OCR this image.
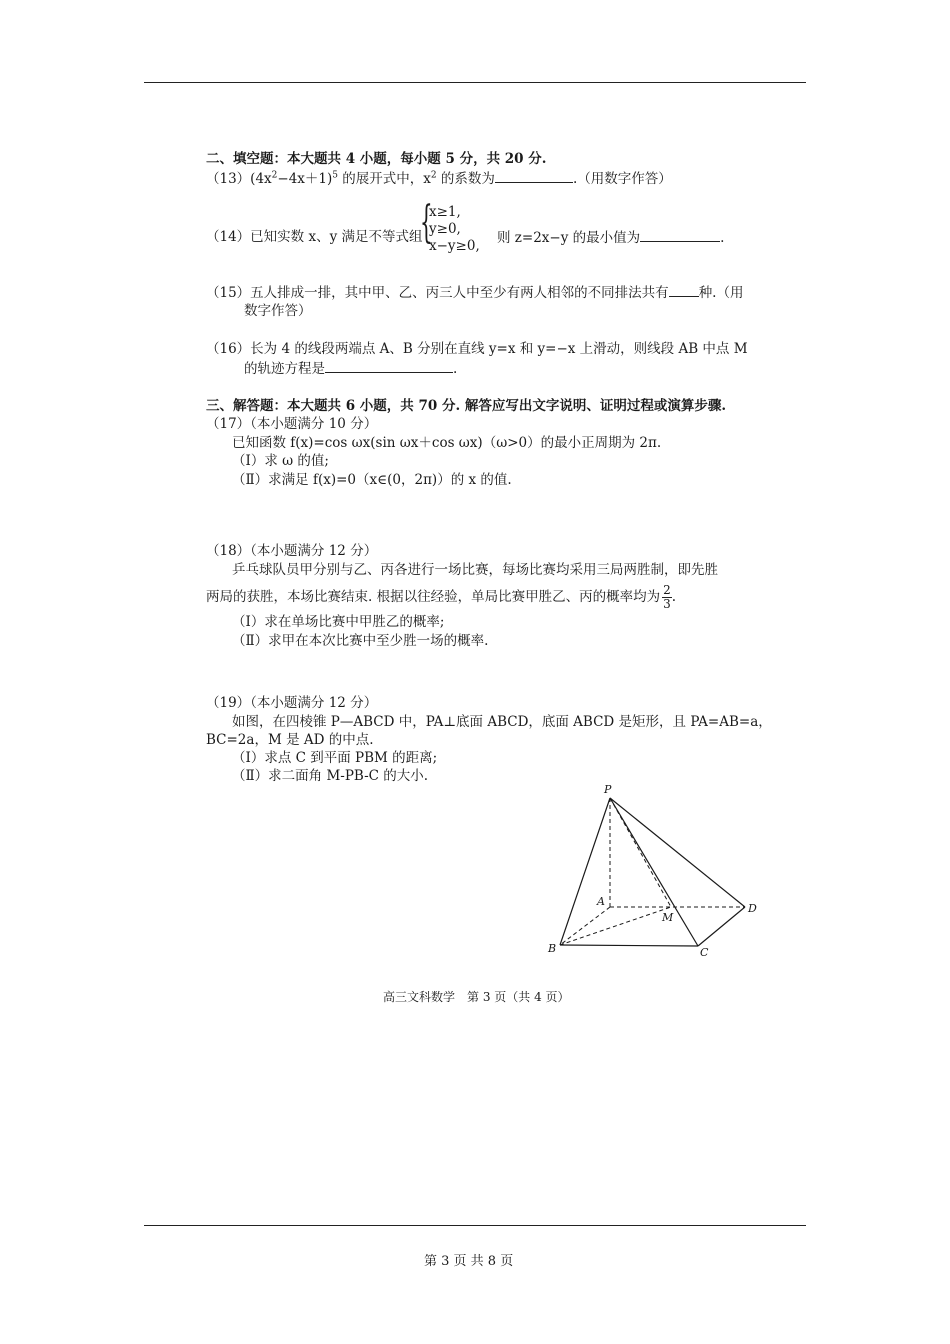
二、填空题：本大题共 4 小题，每小题 5 分，共 20 分.
$(13)(4x^2-4x+1)^5$ 的展开式中，$x^2$ 的系数为	.（用数字作答）
（14）已知实数 x、y 满足不等式组
{
x≥1,
y≥0,
x−y≥0, 则 z=2x−y 的最小值为	.
（15）五人排成一排，其中甲、乙、丙三人中至少有两人相邻的不同排法共有 种.（用
数字作答）
（16）长为 4 的线段两端点 A、B 分别在直线 y=x 和 y=−x 上滑动，则线段 AB 中点 M
的轨迹方程是	.
三、解答题：本大题共 6 小题，共 70 分. 解答应写出文字说明、证明过程或演算步骤.
（17）（本小题满分 10 分）
已知函数 f(x)=cos ωx(sin ωx＋cos ωx)（ω>0）的最小正周期为 2π.
（Ⅰ）求 ω 的值;
（Ⅱ）求满足 f(x)=0（x∈(0，2π)）的 x 的值.
（18）（本小题满分 12 分）
乒乓球队员甲分别与乙、丙各进行一场比赛，每场比赛均采用三局两胜制，即先胜
两局的获胜，本场比赛结束. 根据以往经验，单局比赛甲胜乙、丙的概率均为 $\frac{2}{3}$ .
（Ⅰ）求在单场比赛中甲胜乙的概率;
（Ⅱ）求甲在本次比赛中至少胜一场的概率.
（19）（本小题满分 12 分）
如图，在四棱锥 P—ABCD 中，PA⊥底面 ABCD，底面 ABCD 是矩形，且 PA=AB=a，
BC=2a，M 是 AD 的中点.
（Ⅰ）求点 C 到平面 PBM 的距离;
（Ⅱ）求二面角 M-PB-C 的大小.
P
A
B	C
D
M
高三文科数学　第 3 页（共 4 页）
第 3 页 共 8 页
